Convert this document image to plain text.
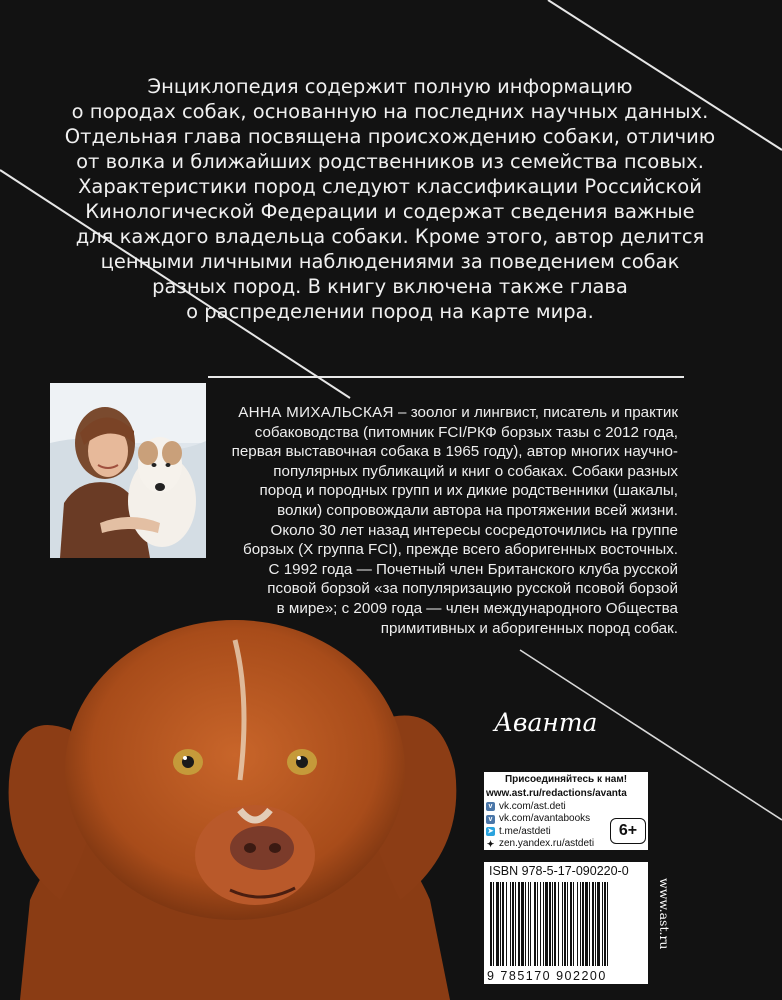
Энциклопедия содержит полную информацию
о породах собак, основанную на последних научных данных.
Отдельная глава посвящена происхождению собаки, отличию
от волка и ближайших родственников из семейства псовых.
Характеристики пород следуют классификации Российской
Кинологической Федерации и содержат сведения важные
для каждого владельца собаки. Кроме этого, автор делится
ценными личными наблюдениями за поведением собак
разных пород. В книгу включена также глава
о распределении пород на карте мира.
АННА МИХАЛЬСКАЯ – зоолог и лингвист, писатель и практик
собаководства (питомник FCI/РКФ борзых тазы с 2012 года,
первая выставочная собака в 1965 году), автор многих научно-
популярных публикаций и книг о собаках. Собаки разных
пород и породных групп и их дикие родственники (шакалы,
волки) сопровождали автора на протяжении всей жизни.
Около 30 лет назад интересы сосредоточились на группе
борзых (X группа FCI), прежде всего аборигенных восточных.
С 1992 года — Почетный член Британского клуба русской
псовой борзой «за популяризацию русской псовой борзой
в мире»; с 2009 года — член международного Общества
примитивных и аборигенных пород собак.
Аванта
Присоединяйтесь к нам!
www.ast.ru/redactions/avanta
v vk.com/ast.deti
v vk.com/avantabooks
➤ t.me/astdeti
✦ zen.yandex.ru/astdeti
6+
ISBN 978-5-17-090220-0
9 785170 902200
www.ast.ru
